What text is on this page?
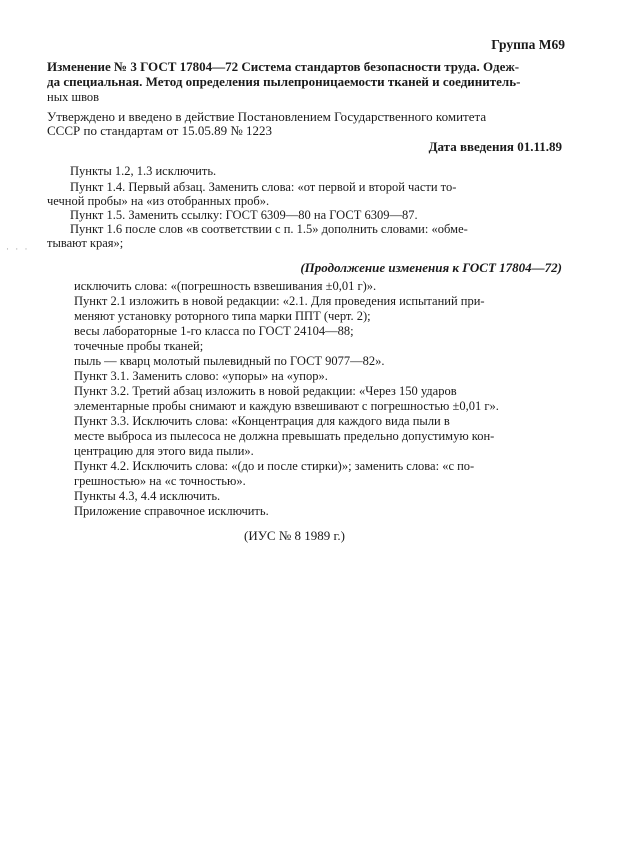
Группа М69
Изменение № 3 ГОСТ 17804—72 Система стандартов безопасности труда. Одеж-
да специальная. Метод определения пылепроницаемости тканей и соединитель-
ных швов
Утверждено и введено в действие Постановлением Государственного комитета
СССР по стандартам от 15.05.89 № 1223
Дата введения 01.11.89
Пункты 1.2, 1.3 исключить.
Пункт 1.4. Первый абзац. Заменить слова: «от первой и второй части то-
чечной пробы» на «из отобранных проб».
Пункт 1.5. Заменить ссылку: ГОСТ 6309—80 на ГОСТ 6309—87.
Пункт 1.6 после слов «в соответствии с п. 1.5» дополнить словами: «обме-
тывают края»;
· · ·
(Продолжение изменения к ГОСТ 17804—72)
исключить слова: «(погрешность взвешивания ±0,01 г)».
Пункт 2.1 изложить в новой редакции: «2.1. Для проведения испытаний при-
меняют установку роторного типа марки ППТ (черт. 2);
весы лабораторные 1-го класса по ГОСТ 24104—88;
точечные пробы тканей;
пыль — кварц молотый пылевидный по ГОСТ 9077—82».
Пункт 3.1. Заменить слово: «упоры» на «упор».
Пункт 3.2. Третий абзац изложить в новой редакции: «Через 150 ударов
элементарные пробы снимают и каждую взвешивают с погрешностью ±0,01 г».
Пункт 3.3. Исключить слова: «Концентрация для каждого вида пыли в
месте выброса из пылесоса не должна превышать предельно допустимую кон-
центрацию для этого вида пыли».
Пункт 4.2. Исключить слова: «(до и после стирки)»; заменить слова: «с по-
грешностью» на «с точностью».
Пункты 4.3, 4.4 исключить.
Приложение справочное исключить.
(ИУС № 8 1989 г.)
